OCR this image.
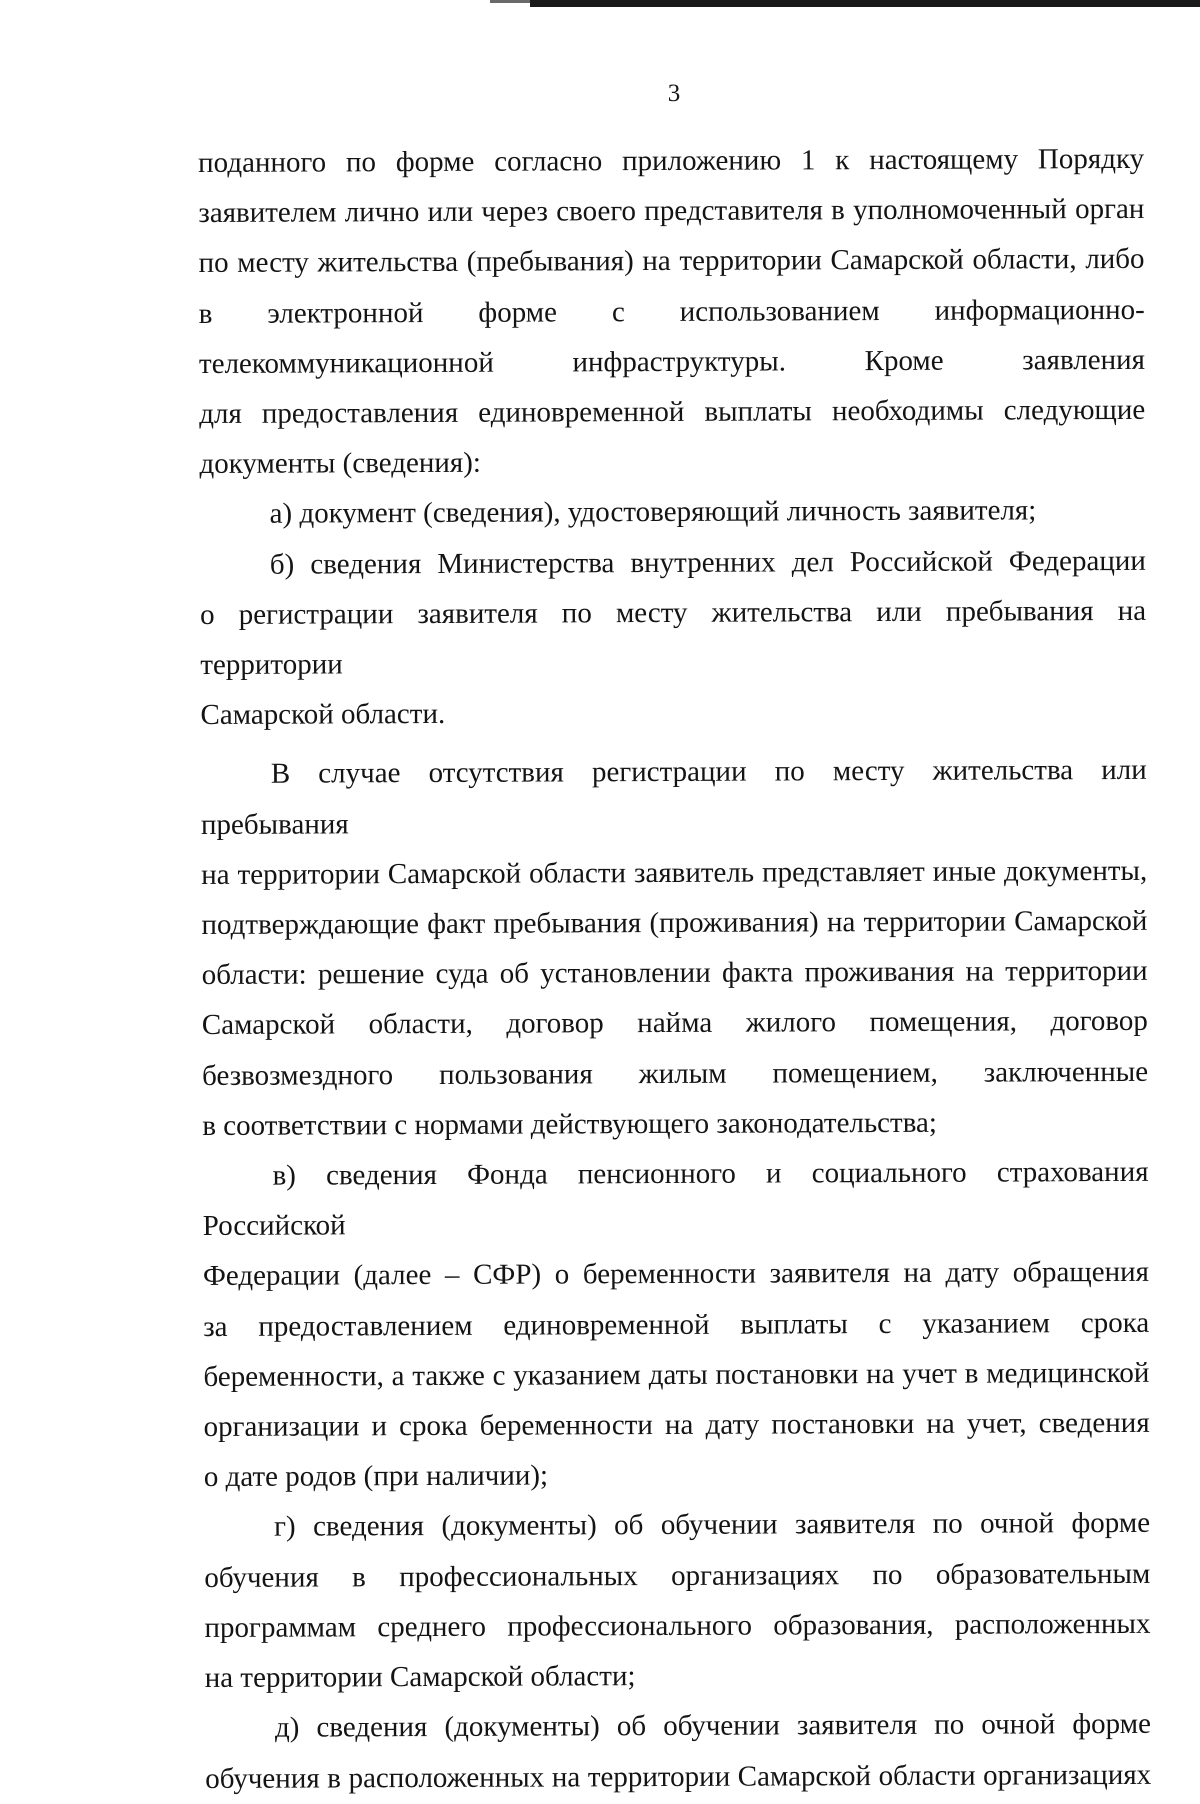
3
поданного по форме согласно приложению 1 к настоящему Порядку
заявителем лично или через своего представителя в уполномоченный орган
по месту жительства (пребывания) на территории Самарской области, либо
в электронной форме с использованием информационно-
телекоммуникационной инфраструктуры. Кроме заявления
для предоставления единовременной выплаты необходимы следующие
документы (сведения):
а) документ (сведения), удостоверяющий личность заявителя;
б) сведения Министерства внутренних дел Российской Федерации
о регистрации заявителя по месту жительства или пребывания на территории
Самарской области.
В случае отсутствия регистрации по месту жительства или пребывания
на территории Самарской области заявитель представляет иные документы,
подтверждающие факт пребывания (проживания) на территории Самарской
области: решение суда об установлении факта проживания на территории
Самарской области, договор найма жилого помещения, договор
безвозмездного пользования жилым помещением, заключенные
в соответствии с нормами действующего законодательства;
в) сведения Фонда пенсионного и социального страхования Российской
Федерации (далее – СФР) о беременности заявителя на дату обращения
за предоставлением единовременной выплаты с указанием срока
беременности, а также с указанием даты постановки на учет в медицинской
организации и срока беременности на дату постановки на учет, сведения
о дате родов (при наличии);
г) сведения (документы) об обучении заявителя по очной форме
обучения в профессиональных организациях по образовательным
программам среднего профессионального образования, расположенных
на территории Самарской области;
д) сведения (документы) об обучении заявителя по очной форме
обучения в расположенных на территории Самарской области организациях
